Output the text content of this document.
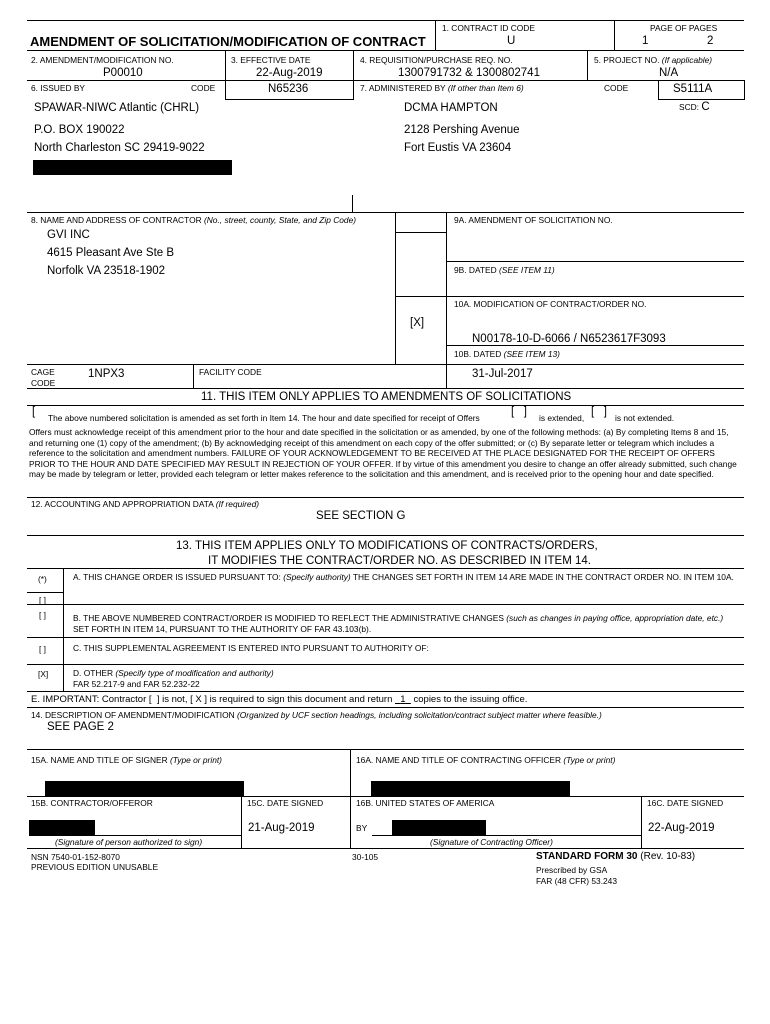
1. CONTRACT ID CODE
U
PAGE OF PAGES
1	2
AMENDMENT OF SOLICITATION/MODIFICATION OF CONTRACT
2. AMENDMENT/MODIFICATION NO.
P00010
3. EFFECTIVE DATE
22-Aug-2019
4. REQUISITION/PURCHASE REQ. NO.
1300791732 & 1300802741
5. PROJECT NO. (If applicable)
N/A
6. ISSUED BY	CODE	N65236	7. ADMINISTERED BY (If other than Item 6)	CODE	S5111A
SCD: C
SPAWAR-NIWC Atlantic (CHRL)
P.O. BOX 190022
North Charleston SC 29419-9022
DCMA HAMPTON
2128 Pershing Avenue
Fort Eustis VA 23604
8. NAME AND ADDRESS OF CONTRACTOR (No., street, county, State, and Zip Code)
GVI INC
4615 Pleasant Ave Ste B
Norfolk VA 23518-1902
9A. AMENDMENT OF SOLICITATION NO.
9B. DATED (SEE ITEM 11)
10A. MODIFICATION OF CONTRACT/ORDER NO.
[X]
N00178-10-D-6066 / N6523617F3093
10B. DATED (SEE ITEM 13)
31-Jul-2017
CAGE CODE
1NPX3	FACILITY CODE
11. THIS ITEM ONLY APPLIES TO AMENDMENTS OF SOLICITATIONS
[ The above numbered solicitation is amended as set forth in Item 14. The hour and date specified for receipt of Offers	[   ] is extended, [   ] is not extended.
Offers must acknowledge receipt of this amendment prior to the hour and date specified in the solicitation or as amended, by one of the following methods: (a) By completing Items 8 and 15, and returning one (1) copy of the amendment; (b) By acknowledging receipt of this amendment on each copy of the offer submitted; or (c) By separate letter or telegram which includes a reference to the solicitation and amendment numbers. FAILURE OF YOUR ACKNOWLEDGEMENT TO BE RECEIVED AT THE PLACE DESIGNATED FOR THE RECEIPT OF OFFERS PRIOR TO THE HOUR AND DATE SPECIFIED MAY RESULT IN REJECTION OF YOUR OFFER. If by virtue of this amendment you desire to change an offer already submitted, such change may be made by telegram or letter, provided each telegram or letter makes reference to the solicitation and this amendment, and is received prior to the opening hour and date specified.
12. ACCOUNTING AND APPROPRIATION DATA (If required)
SEE SECTION G
13. THIS ITEM APPLIES ONLY TO MODIFICATIONS OF CONTRACTS/ORDERS,
IT MODIFIES THE CONTRACT/ORDER NO. AS DESCRIBED IN ITEM 14.
(*)	A. THIS CHANGE ORDER IS ISSUED PURSUANT TO: (Specify authority) THE CHANGES SET FORTH IN ITEM 14 ARE MADE IN THE CONTRACT ORDER NO. IN ITEM 10A.
[ ]
[ ]	B. THE ABOVE NUMBERED CONTRACT/ORDER IS MODIFIED TO REFLECT THE ADMINISTRATIVE CHANGES (such as changes in paying office, appropriation date, etc.) SET FORTH IN ITEM 14, PURSUANT TO THE AUTHORITY OF FAR 43.103(b).
[ ]	C. THIS SUPPLEMENTAL AGREEMENT IS ENTERED INTO PURSUANT TO AUTHORITY OF:
[X]	D. OTHER (Specify type of modification and authority)
FAR 52.217-9 and FAR 52.232-22
E. IMPORTANT: Contractor [ ] is not, [ X ] is required to sign this document and return 1 copies to the issuing office.
14. DESCRIPTION OF AMENDMENT/MODIFICATION (Organized by UCF section headings, including solicitation/contract subject matter where feasible.)
SEE PAGE 2
15A. NAME AND TITLE OF SIGNER (Type or print)	16A. NAME AND TITLE OF CONTRACTING OFFICER (Type or print)
15B. CONTRACTOR/OFFEROR	15C. DATE SIGNED	16B. UNITED STATES OF AMERICA	16C. DATE SIGNED
21-Aug-2019	BY	22-Aug-2019
(Signature of person authorized to sign)	(Signature of Contracting Officer)
NSN 7540-01-152-8070
PREVIOUS EDITION UNUSABLE
30-105	STANDARD FORM 30 (Rev. 10-83)
Prescribed by GSA
FAR (48 CFR) 53.243
